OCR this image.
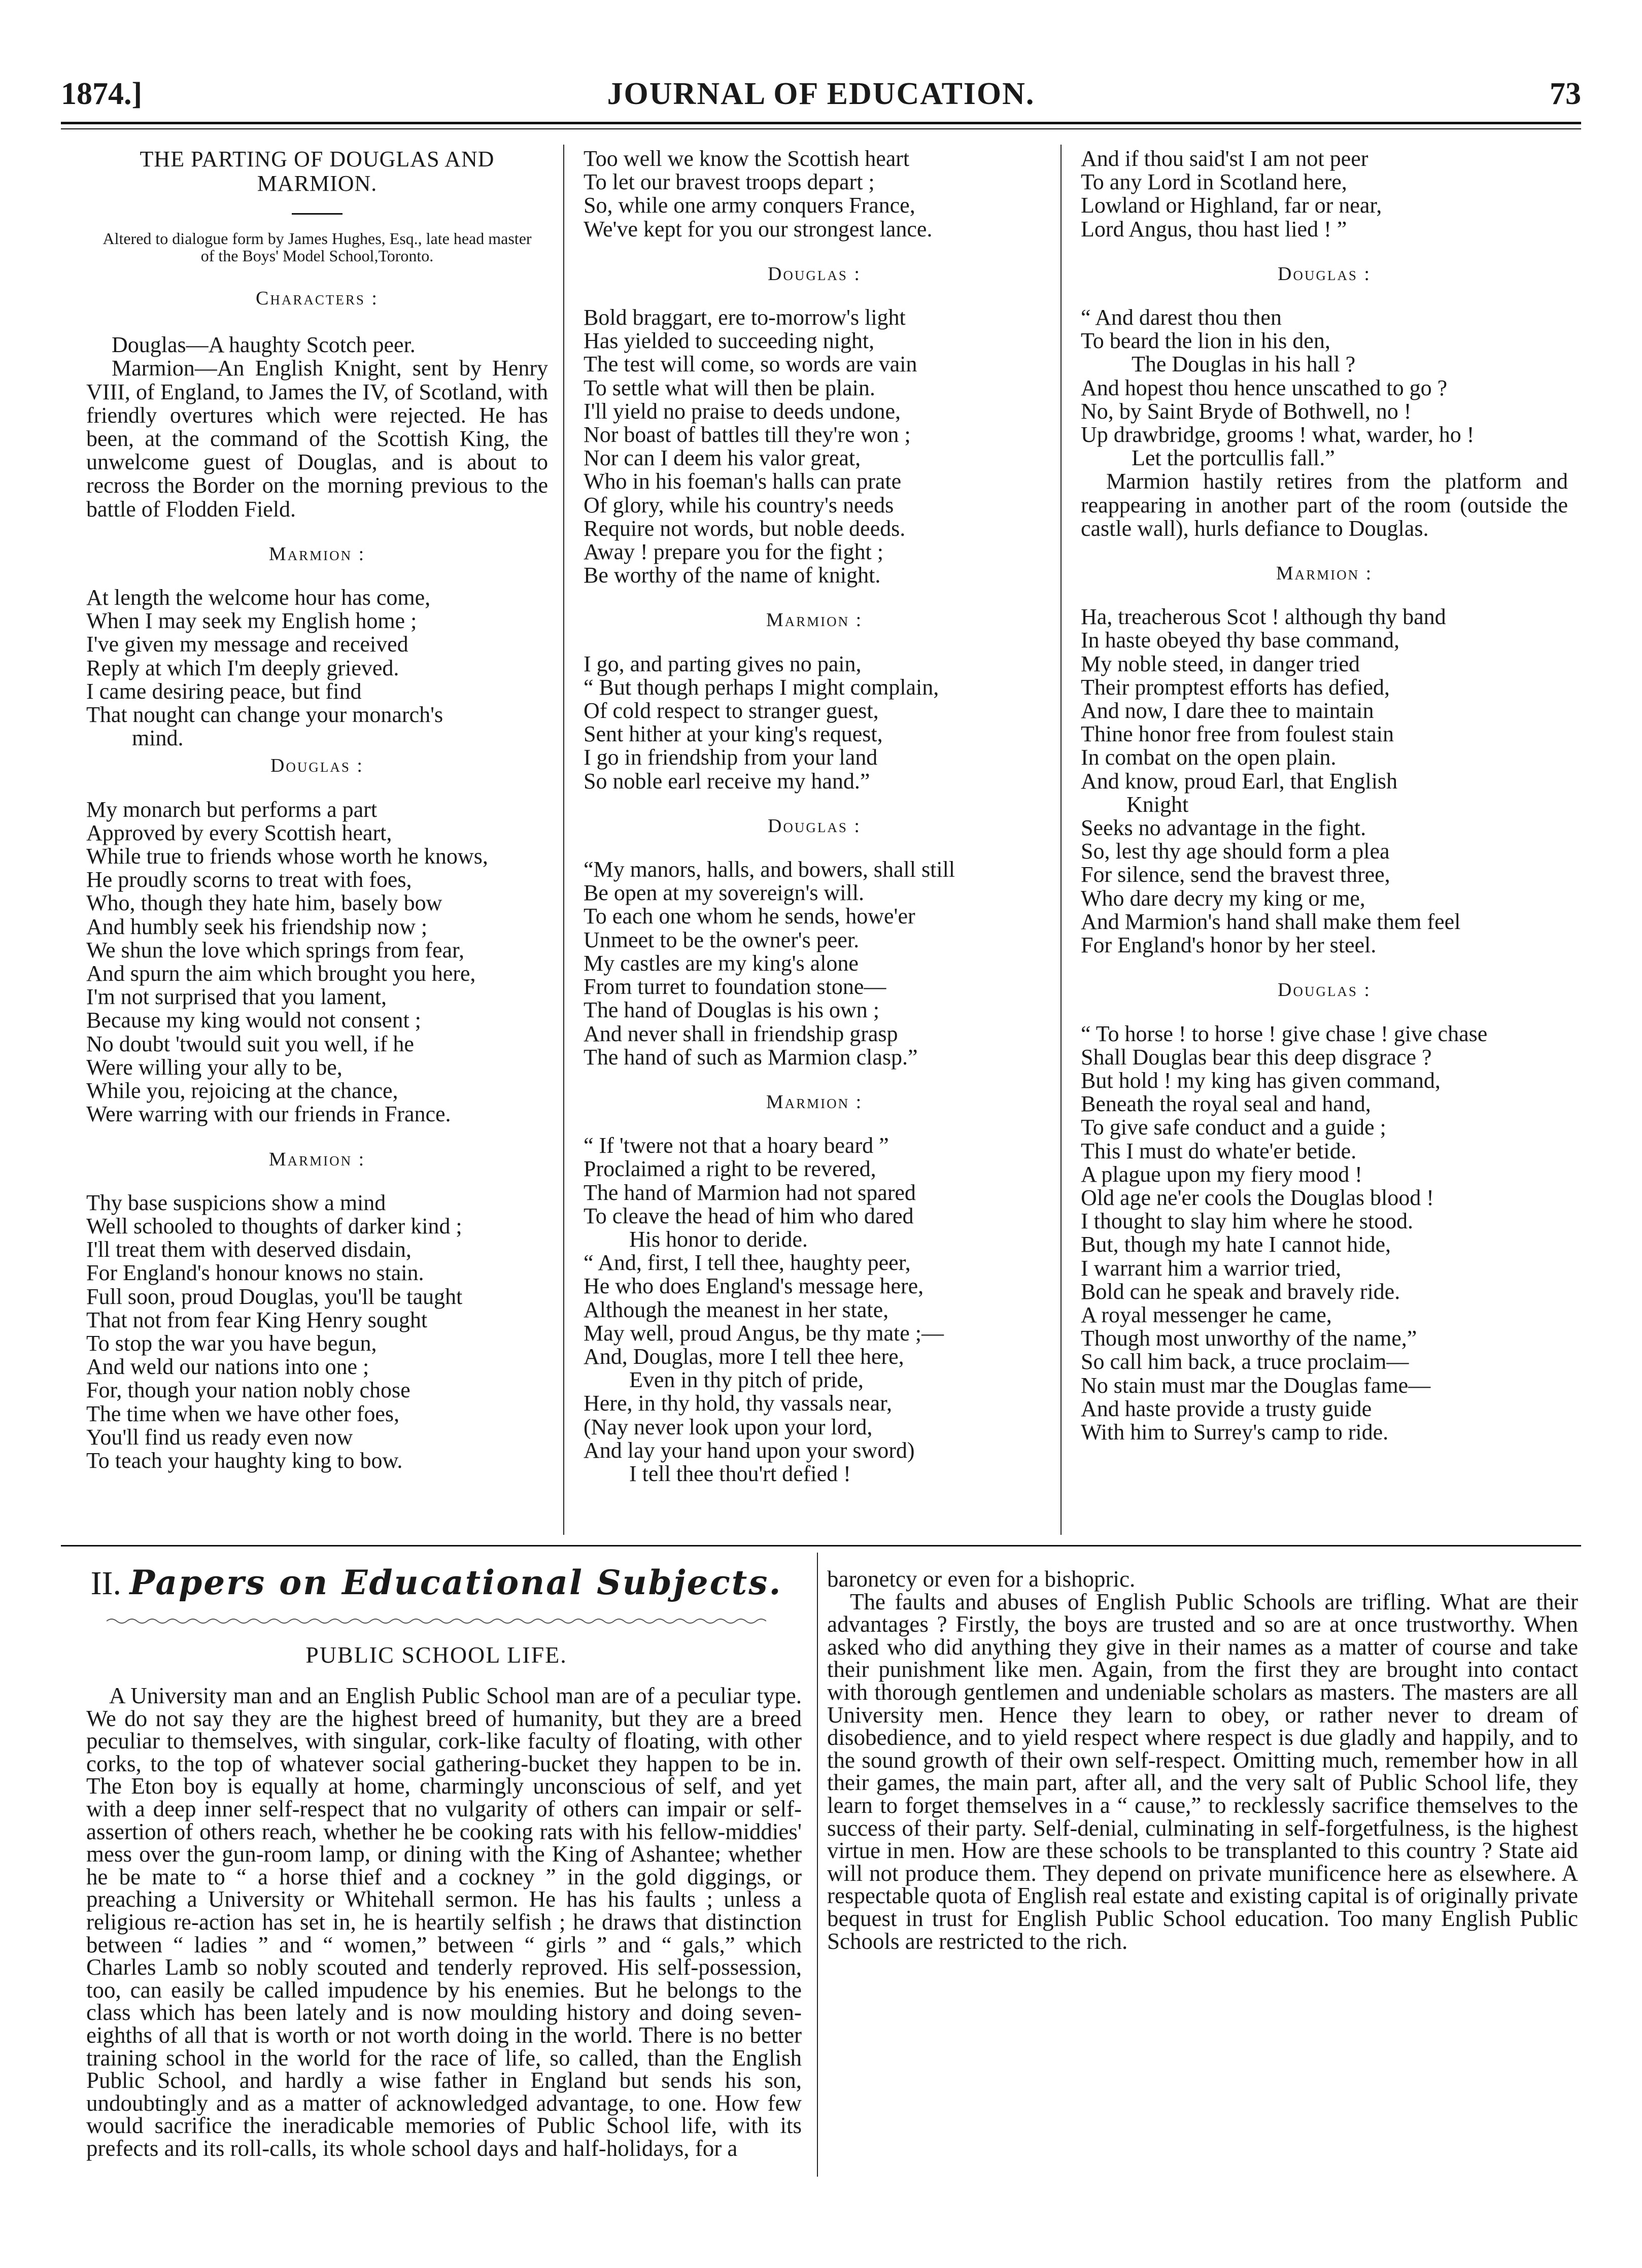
1874.]	JOURNAL OF EDUCATION.	73
THE PARTING OF DOUGLAS AND MARMION.
Altered to dialogue form by James Hughes, Esq., late head master of the Boys' Model School,Toronto.
Characters :

Douglas—A haughty Scotch peer.

Marmion—An English Knight, sent by Henry VIII, of England, to James the IV, of Scotland, with friendly overtures which were rejected. He has been, at the command of the Scottish King, the unwelcome guest of Douglas, and is about to recross the Border on the morning previous to the battle of Flodden Field.

Marmion :

At length the welcome hour has come,

When I may seek my English home ;

I've given my message and received

Reply at which I'm deeply grieved.

I came desiring peace, but find

That nought can change your monarch's

mind.

Douglas :

My monarch but performs a part

Approved by every Scottish heart,

While true to friends whose worth he knows,

He proudly scorns to treat with foes,

Who, though they hate him, basely bow

And humbly seek his friendship now ;

We shun the love which springs from fear,

And spurn the aim which brought you here,

I'm not surprised that you lament,

Because my king would not consent ;

No doubt 'twould suit you well, if he

Were willing your ally to be,

While you, rejoicing at the chance,

Were warring with our friends in France.

Marmion :

Thy base suspicions show a mind

Well schooled to thoughts of darker kind ;

I'll treat them with deserved disdain,

For England's honour knows no stain.

Full soon, proud Douglas, you'll be taught

That not from fear King Henry sought

To stop the war you have begun,

And weld our nations into one ;

For, though your nation nobly chose

The time when we have other foes,

You'll find us ready even now

To teach your haughty king to bow.

Too well we know the Scottish heart

To let our bravest troops depart ;

So, while one army conquers France,

We've kept for you our strongest lance.

Douglas :

Bold braggart, ere to-morrow's light

Has yielded to succeeding night,

The test will come, so words are vain

To settle what will then be plain.

I'll yield no praise to deeds undone,

Nor boast of battles till they're won ;

Nor can I deem his valor great,

Who in his foeman's halls can prate

Of glory, while his country's needs

Require not words, but noble deeds.

Away ! prepare you for the fight ;

Be worthy of the name of knight.

Marmion :

I go, and parting gives no pain,

“ But though perhaps I might complain,

Of cold respect to stranger guest,

Sent hither at your king's request,

I go in friendship from your land

So noble earl receive my hand.”

Douglas :

“My manors, halls, and bowers, shall still

Be open at my sovereign's will.

To each one whom he sends, howe'er

Unmeet to be the owner's peer.

My castles are my king's alone

From turret to foundation stone—

The hand of Douglas is his own ;

And never shall in friendship grasp

The hand of such as Marmion clasp.”

Marmion :

“ If 'twere not that a hoary beard ”

Proclaimed a right to be revered,

The hand of Marmion had not spared

To cleave the head of him who dared

His honor to deride.

“ And, first, I tell thee, haughty peer,

He who does England's message here,

Although the meanest in her state,

May well, proud Angus, be thy mate ;—

And, Douglas, more I tell thee here,

Even in thy pitch of pride,

Here, in thy hold, thy vassals near,

(Nay never look upon your lord,

And lay your hand upon your sword)

I tell thee thou'rt defied !

And if thou said'st I am not peer

To any Lord in Scotland here,

Lowland or Highland, far or near,

Lord Angus, thou hast lied ! ”

Douglas :

“ And darest thou then

To beard the lion in his den,

The Douglas in his hall ?

And hopest thou hence unscathed to go ?

No, by Saint Bryde of Bothwell, no !

Up drawbridge, grooms ! what, warder, ho !

Let the portcullis fall.”

Marmion hastily retires from the platform and reappearing in another part of the room (outside the castle wall), hurls defiance to Douglas.

Marmion :

Ha, treacherous Scot ! although thy band

In haste obeyed thy base command,

My noble steed, in danger tried

Their promptest efforts has defied,

And now, I dare thee to maintain

Thine honor free from foulest stain

In combat on the open plain.

And know, proud Earl, that English

Knight

Seeks no advantage in the fight.

So, lest thy age should form a plea

For silence, send the bravest three,

Who dare decry my king or me,

And Marmion's hand shall make them feel

For England's honor by her steel.

Douglas :

“ To horse ! to horse ! give chase ! give chase

Shall Douglas bear this deep disgrace ?

But hold ! my king has given command,

Beneath the royal seal and hand,

To give safe conduct and a guide ;

This I must do whate'er betide.

A plague upon my fiery mood !

Old age ne'er cools the Douglas blood !

I thought to slay him where he stood.

But, though my hate I cannot hide,

I warrant him a warrior tried,

Bold can he speak and bravely ride.

A royal messenger he came,

Though most unworthy of the name,”

So call him back, a truce proclaim—

No stain must mar the Douglas fame—

And haste provide a trusty guide

With him to Surrey's camp to ride.

II. Papers on Educational Subjects.
PUBLIC SCHOOL LIFE.

A University man and an English Public School man are of a peculiar type. We do not say they are the highest breed of humanity, but they are a breed peculiar to themselves, with singular, cork-like faculty of floating, with other corks, to the top of whatever social gathering-bucket they happen to be in. The Eton boy is equally at home, charmingly unconscious of self, and yet with a deep inner self-respect that no vulgarity of others can impair or self-assertion of others reach, whether he be cooking rats with his fellow-middies' mess over the gun-room lamp, or dining with the King of Ashantee; whether he be mate to “ a horse thief and a cockney ” in the gold diggings, or preaching a University or Whitehall sermon. He has his faults ; unless a religious re-action has set in, he is heartily selfish ; he draws that distinction between “ ladies ” and “ women,” between “ girls ” and “ gals,” which Charles Lamb so nobly scouted and tenderly reproved. His self-possession, too, can easily be called impudence by his enemies. But he belongs to the class which has been lately and is now moulding history and doing seven-eighths of all that is worth or not worth doing in the world. There is no better training school in the world for the race of life, so called, than the English Public School, and hardly a wise father in England but sends his son, undoubtingly and as a matter of acknowledged advantage, to one. How few would sacrifice the ineradicable memories of Public School life, with its prefects and its roll-calls, its whole school days and half-holidays, for a

baronetcy or even for a bishopric.

The faults and abuses of English Public Schools are trifling. What are their advantages ? Firstly, the boys are trusted and so are at once trustworthy. When asked who did anything they give in their names as a matter of course and take their punishment like men. Again, from the first they are brought into contact with thorough gentlemen and undeniable scholars as masters. The masters are all University men. Hence they learn to obey, or rather never to dream of disobedience, and to yield respect where respect is due gladly and happily, and to the sound growth of their own self-respect. Omitting much, remember how in all their games, the main part, after all, and the very salt of Public School life, they learn to forget themselves in a “ cause,” to recklessly sacrifice themselves to the success of their party. Self-denial, culminating in self-forgetfulness, is the highest virtue in men. How are these schools to be transplanted to this country ? State aid will not produce them. They depend on private munificence here as elsewhere. A respectable quota of English real estate and existing capital is of originally private bequest in trust for English Public School education. Too many English Public Schools are restricted to the rich.
